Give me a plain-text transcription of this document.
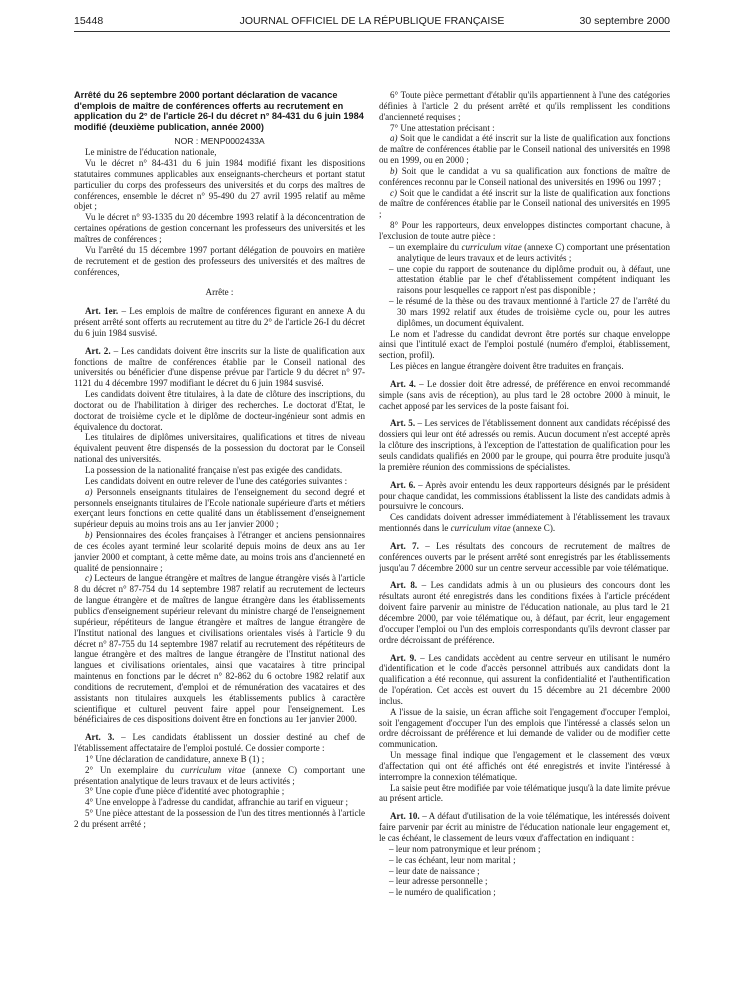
15448	JOURNAL OFFICIEL DE LA RÉPUBLIQUE FRANÇAISE	30 septembre 2000

Arrêté du 26 septembre 2000 portant déclaration de vacance d'emplois de maître de conférences offerts au recrutement en application du 2° de l'article 26-I du décret n° 84-431 du 6 juin 1984 modifié (deuxième publication, année 2000)

NOR : MENP0002433A

Le ministre de l'éducation nationale,

Vu le décret n° 84-431 du 6 juin 1984 modifié fixant les dispositions statutaires communes applicables aux enseignants-chercheurs et portant statut particulier du corps des professeurs des universités et du corps des maîtres de conférences, ensemble le décret n° 95-490 du 27 avril 1995 relatif au même objet ;

Vu le décret n° 93-1335 du 20 décembre 1993 relatif à la déconcentration de certaines opérations de gestion concernant les professeurs des universités et les maîtres de conférences ;

Vu l'arrêté du 15 décembre 1997 portant délégation de pouvoirs en matière de recrutement et de gestion des professeurs des universités et des maîtres de conférences,

Arrête :

Art. 1er. – Les emplois de maître de conférences figurant en annexe A du présent arrêté sont offerts au recrutement au titre du 2° de l'article 26-I du décret du 6 juin 1984 susvisé.

Art. 2. – Les candidats doivent être inscrits sur la liste de qualification aux fonctions de maître de conférences établie par le Conseil national des universités ou bénéficier d'une dispense prévue par l'article 9 du décret n° 97-1121 du 4 décembre 1997 modifiant le décret du 6 juin 1984 susvisé.

Les candidats doivent être titulaires, à la date de clôture des inscriptions, du doctorat ou de l'habilitation à diriger des recherches. Le doctorat d'Etat, le doctorat de troisième cycle et le diplôme de docteur-ingénieur sont admis en équivalence du doctorat.

Les titulaires de diplômes universitaires, qualifications et titres de niveau équivalent peuvent être dispensés de la possession du doctorat par le Conseil national des universités.

La possession de la nationalité française n'est pas exigée des candidats.

Les candidats doivent en outre relever de l'une des catégories suivantes :

a) Personnels enseignants titulaires de l'enseignement du second degré et personnels enseignants titulaires de l'Ecole nationale supérieure d'arts et métiers exerçant leurs fonctions en cette qualité dans un établissement d'enseignement supérieur depuis au moins trois ans au 1er janvier 2000 ;

b) Pensionnaires des écoles françaises à l'étranger et anciens pensionnaires de ces écoles ayant terminé leur scolarité depuis moins de deux ans au 1er janvier 2000 et comptant, à cette même date, au moins trois ans d'ancienneté en qualité de pensionnaire ;

c) Lecteurs de langue étrangère et maîtres de langue étrangère visés à l'article 8 du décret n° 87-754 du 14 septembre 1987 relatif au recrutement de lecteurs de langue étrangère et de maîtres de langue étrangère dans les établissements publics d'enseignement supérieur relevant du ministre chargé de l'enseignement supérieur, répétiteurs de langue étrangère et maîtres de langue étrangère de l'Institut national des langues et civilisations orientales visés à l'article 9 du décret n° 87-755 du 14 septembre 1987 relatif au recrutement des répétiteurs de langue étrangère et des maîtres de langue étrangère de l'Institut national des langues et civilisations orientales, ainsi que vacataires à titre principal maintenus en fonctions par le décret n° 82-862 du 6 octobre 1982 relatif aux conditions de recrutement, d'emploi et de rémunération des vacataires et des assistants non titulaires auxquels les établissements publics à caractère scientifique et culturel peuvent faire appel pour l'enseignement. Les bénéficiaires de ces dispositions doivent être en fonctions au 1er janvier 2000.

Art. 3. – Les candidats établissent un dossier destiné au chef de l'établissement affectataire de l'emploi postulé. Ce dossier comporte :

1° Une déclaration de candidature, annexe B (1) ;

2° Un exemplaire du curriculum vitae (annexe C) comportant une présentation analytique de leurs travaux et de leurs activités ;

3° Une copie d'une pièce d'identité avec photographie ;

4° Une enveloppe à l'adresse du candidat, affranchie au tarif en vigueur ;

5° Une pièce attestant de la possession de l'un des titres mentionnés à l'article 2 du présent arrêté ;

6° Toute pièce permettant d'établir qu'ils appartiennent à l'une des catégories définies à l'article 2 du présent arrêté et qu'ils remplissent les conditions d'ancienneté requises ;

7° Une attestation précisant :

a) Soit que le candidat a été inscrit sur la liste de qualification aux fonctions de maître de conférences établie par le Conseil national des universités en 1998 ou en 1999, ou en 2000 ;

b) Soit que le candidat a vu sa qualification aux fonctions de maître de conférences reconnu par le Conseil national des universités en 1996 ou 1997 ;

c) Soit que le candidat a été inscrit sur la liste de qualification aux fonctions de maître de conférences établie par le Conseil national des universités en 1995 ;

8° Pour les rapporteurs, deux enveloppes distinctes comportant chacune, à l'exclusion de toute autre pièce :

– un exemplaire du curriculum vitae (annexe C) comportant une présentation analytique de leurs travaux et de leurs activités ;
– une copie du rapport de soutenance du diplôme produit ou, à défaut, une attestation établie par le chef d'établissement compétent indiquant les raisons pour lesquelles ce rapport n'est pas disponible ;
– le résumé de la thèse ou des travaux mentionné à l'article 27 de l'arrêté du 30 mars 1992 relatif aux études de troisième cycle ou, pour les autres diplômes, un document équivalent.

Le nom et l'adresse du candidat devront être portés sur chaque enveloppe ainsi que l'intitulé exact de l'emploi postulé (numéro d'emploi, établissement, section, profil).

Les pièces en langue étrangère doivent être traduites en français.

Art. 4. – Le dossier doit être adressé, de préférence en envoi recommandé simple (sans avis de réception), au plus tard le 28 octobre 2000 à minuit, le cachet apposé par les services de la poste faisant foi.

Art. 5. – Les services de l'établissement donnent aux candidats récépissé des dossiers qui leur ont été adressés ou remis. Aucun document n'est accepté après la clôture des inscriptions, à l'exception de l'attestation de qualification pour les seuls candidats qualifiés en 2000 par le groupe, qui pourra être produite jusqu'à la première réunion des commissions de spécialistes.

Art. 6. – Après avoir entendu les deux rapporteurs désignés par le président pour chaque candidat, les commissions établissent la liste des candidats admis à poursuivre le concours.

Ces candidats doivent adresser immédiatement à l'établissement les travaux mentionnés dans le curriculum vitae (annexe C).

Art. 7. – Les résultats des concours de recrutement de maîtres de conférences ouverts par le présent arrêté sont enregistrés par les établissements jusqu'au 7 décembre 2000 sur un centre serveur accessible par voie télématique.

Art. 8. – Les candidats admis à un ou plusieurs des concours dont les résultats auront été enregistrés dans les conditions fixées à l'article précédent doivent faire parvenir au ministre de l'éducation nationale, au plus tard le 21 décembre 2000, par voie télématique ou, à défaut, par écrit, leur engagement d'occuper l'emploi ou l'un des emplois correspondants qu'ils devront classer par ordre décroissant de préférence.

Art. 9. – Les candidats accèdent au centre serveur en utilisant le numéro d'identification et le code d'accès personnel attribués aux candidats dont la qualification a été reconnue, qui assurent la confidentialité et l'authentification de l'opération. Cet accès est ouvert du 15 décembre au 21 décembre 2000 inclus.

A l'issue de la saisie, un écran affiche soit l'engagement d'occuper l'emploi, soit l'engagement d'occuper l'un des emplois que l'intéressé a classés selon un ordre décroissant de préférence et lui demande de valider ou de modifier cette communication.

Un message final indique que l'engagement et le classement des vœux d'affectation qui ont été affichés ont été enregistrés et invite l'intéressé à interrompre la connexion télématique.

La saisie peut être modifiée par voie télématique jusqu'à la date limite prévue au présent article.

Art. 10. – A défaut d'utilisation de la voie télématique, les intéressés doivent faire parvenir par écrit au ministre de l'éducation nationale leur engagement et, le cas échéant, le classement de leurs vœux d'affectation en indiquant :

– leur nom patronymique et leur prénom ;
– le cas échéant, leur nom marital ;
– leur date de naissance ;
– leur adresse personnelle ;
– le numéro de qualification ;
